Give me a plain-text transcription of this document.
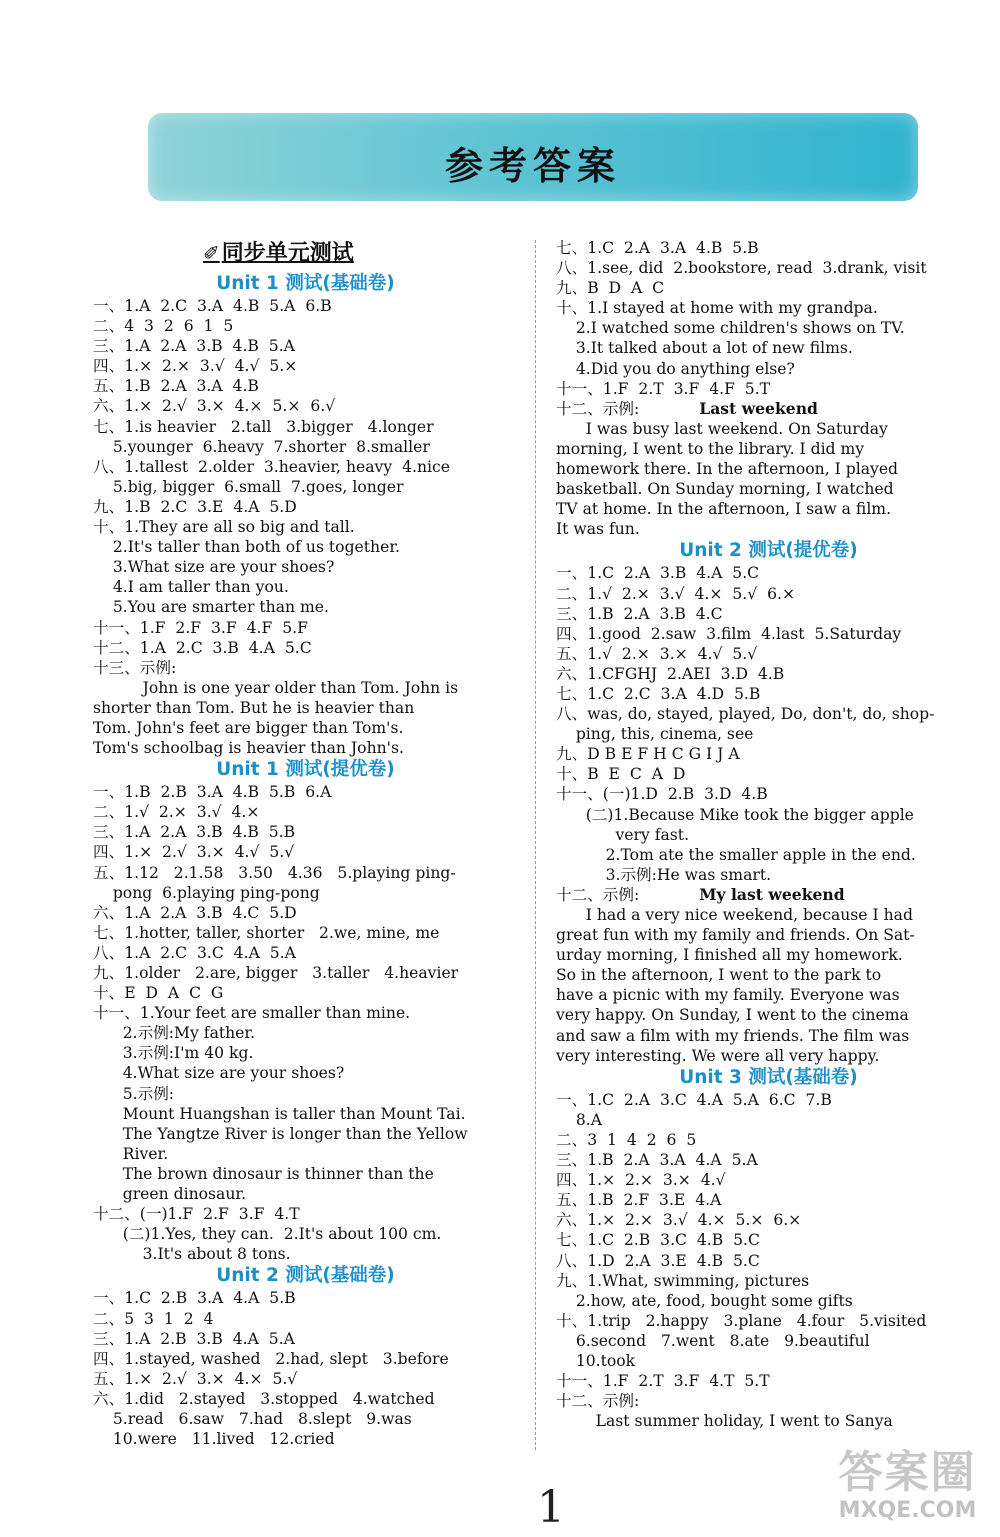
参考答案
✐同步单元测试
Unit 1 测试(基础卷)
一、1.A  2.C  3.A  4.B  5.A  6.B
二、4  3  2  6  1  5
三、1.A  2.A  3.B  4.B  5.A
四、1.×  2.×  3.√  4.√  5.×
五、1.B  2.A  3.A  4.B
六、1.×  2.√  3.×  4.×  5.×  6.√
七、1.is heavier   2.tall   3.bigger   4.longer
5.younger  6.heavy  7.shorter  8.smaller
八、1.tallest  2.older  3.heavier, heavy  4.nice
5.big, bigger  6.small  7.goes, longer
九、1.B  2.C  3.E  4.A  5.D
十、1.They are all so big and tall.
2.It's taller than both of us together.
3.What size are your shoes?
4.I am taller than you.
5.You are smarter than me.
十一、1.F  2.F  3.F  4.F  5.F
十二、1.A  2.C  3.B  4.A  5.C
十三、示例:
John is one year older than Tom. John is
shorter than Tom. But he is heavier than
Tom. John's feet are bigger than Tom's.
Tom's schoolbag is heavier than John's.
Unit 1 测试(提优卷)
一、1.B  2.B  3.A  4.B  5.B  6.A
二、1.√  2.×  3.√  4.×
三、1.A  2.A  3.B  4.B  5.B
四、1.×  2.√  3.×  4.√  5.√
五、1.12   2.1.58   3.50   4.36   5.playing ping-
pong  6.playing ping-pong
六、1.A  2.A  3.B  4.C  5.D
七、1.hotter, taller, shorter   2.we, mine, me
八、1.A  2.C  3.C  4.A  5.A
九、1.older   2.are, bigger   3.taller   4.heavier
十、E  D  A  C  G
十一、1.Your feet are smaller than mine.
2.示例:My father.
3.示例:I'm 40 kg.
4.What size are your shoes?
5.示例:
Mount Huangshan is taller than Mount Tai.
The Yangtze River is longer than the Yellow
River.
The brown dinosaur is thinner than the
green dinosaur.
十二、(一)1.F  2.F  3.F  4.T
(二)1.Yes, they can.  2.It's about 100 cm.
3.It's about 8 tons.
Unit 2 测试(基础卷)
一、1.C  2.B  3.A  4.A  5.B
二、5  3  1  2  4
三、1.A  2.B  3.B  4.A  5.A
四、1.stayed, washed   2.had, slept   3.before
五、1.×  2.√  3.×  4.×  5.√
六、1.did   2.stayed   3.stopped   4.watched
5.read   6.saw   7.had   8.slept   9.was
10.were   11.lived   12.cried
七、1.C  2.A  3.A  4.B  5.B
八、1.see, did  2.bookstore, read  3.drank, visit
九、B  D  A  C
十、1.I stayed at home with my grandpa.
2.I watched some children's shows on TV.
3.It talked about a lot of new films.
4.Did you do anything else?
十一、1.F  2.T  3.F  4.F  5.T
十二、示例:	Last weekend
I was busy last weekend. On Saturday
morning, I went to the library. I did my
homework there. In the afternoon, I played
basketball. On Sunday morning, I watched
TV at home. In the afternoon, I saw a film.
It was fun.
Unit 2 测试(提优卷)
一、1.C  2.A  3.B  4.A  5.C
二、1.√  2.×  3.√  4.×  5.√  6.×
三、1.B  2.A  3.B  4.C
四、1.good  2.saw  3.film  4.last  5.Saturday
五、1.√  2.×  3.×  4.√  5.√
六、1.CFGHJ  2.AEI  3.D  4.B
七、1.C  2.C  3.A  4.D  5.B
八、was, do, stayed, played, Do, don't, do, shop-
ping, this, cinema, see
九、D B E F H C G I J A
十、B  E  C  A  D
十一、(一)1.D  2.B  3.D  4.B
(二)1.Because Mike took the bigger apple
very fast.
2.Tom ate the smaller apple in the end.
3.示例:He was smart.
十二、示例:	My last weekend
I had a very nice weekend, because I had
great fun with my family and friends. On Sat-
urday morning, I finished all my homework.
So in the afternoon, I went to the park to
have a picnic with my family. Everyone was
very happy. On Sunday, I went to the cinema
and saw a film with my friends. The film was
very interesting. We were all very happy.
Unit 3 测试(基础卷)
一、1.C  2.A  3.C  4.A  5.A  6.C  7.B
8.A
二、3  1  4  2  6  5
三、1.B  2.A  3.A  4.A  5.A
四、1.×  2.×  3.×  4.√
五、1.B  2.F  3.E  4.A
六、1.×  2.×  3.√  4.×  5.×  6.×
七、1.C  2.B  3.C  4.B  5.C
八、1.D  2.A  3.E  4.B  5.C
九、1.What, swimming, pictures
2.how, ate, food, bought some gifts
十、1.trip   2.happy   3.plane   4.four   5.visited
6.second   7.went   8.ate   9.beautiful
10.took
十一、1.F  2.T  3.F  4.T  5.T
十二、示例:
Last summer holiday, I went to Sanya
1
答案圈
MXQE.COM
